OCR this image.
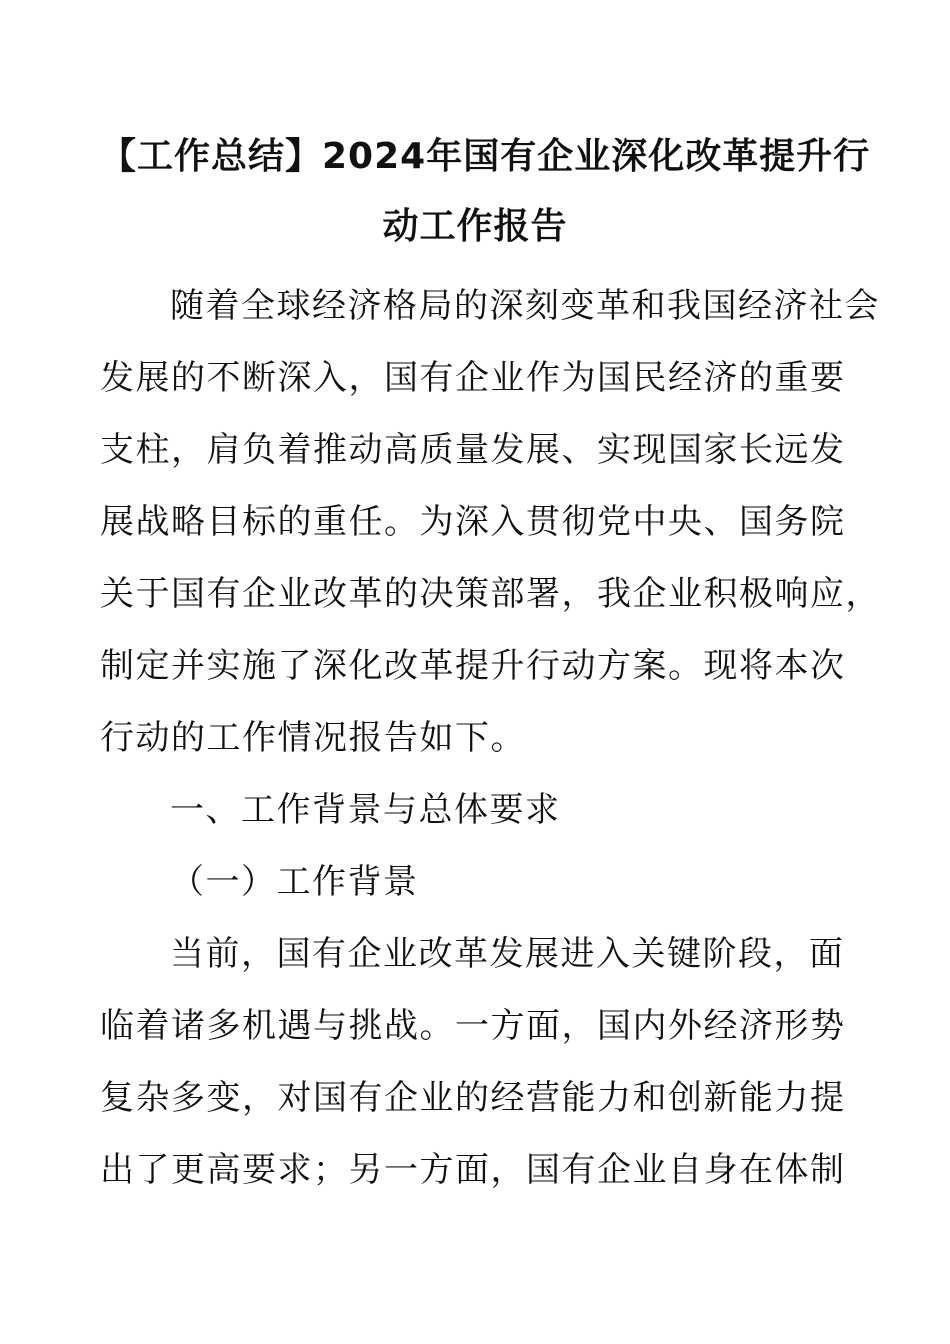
【工作总结】2024年国有企业深化改革提升行
动工作报告
随着全球经济格局的深刻变革和我国经济社会
发展的不断深入，国有企业作为国民经济的重要
支柱，肩负着推动高质量发展、实现国家长远发
展战略目标的重任。为深入贯彻党中央、国务院
关于国有企业改革的决策部署，我企业积极响应，
制定并实施了深化改革提升行动方案。现将本次
行动的工作情况报告如下。
一、工作背景与总体要求
（一）工作背景
当前，国有企业改革发展进入关键阶段，面
临着诸多机遇与挑战。一方面，国内外经济形势
复杂多变，对国有企业的经营能力和创新能力提
出了更高要求；另一方面，国有企业自身在体制
